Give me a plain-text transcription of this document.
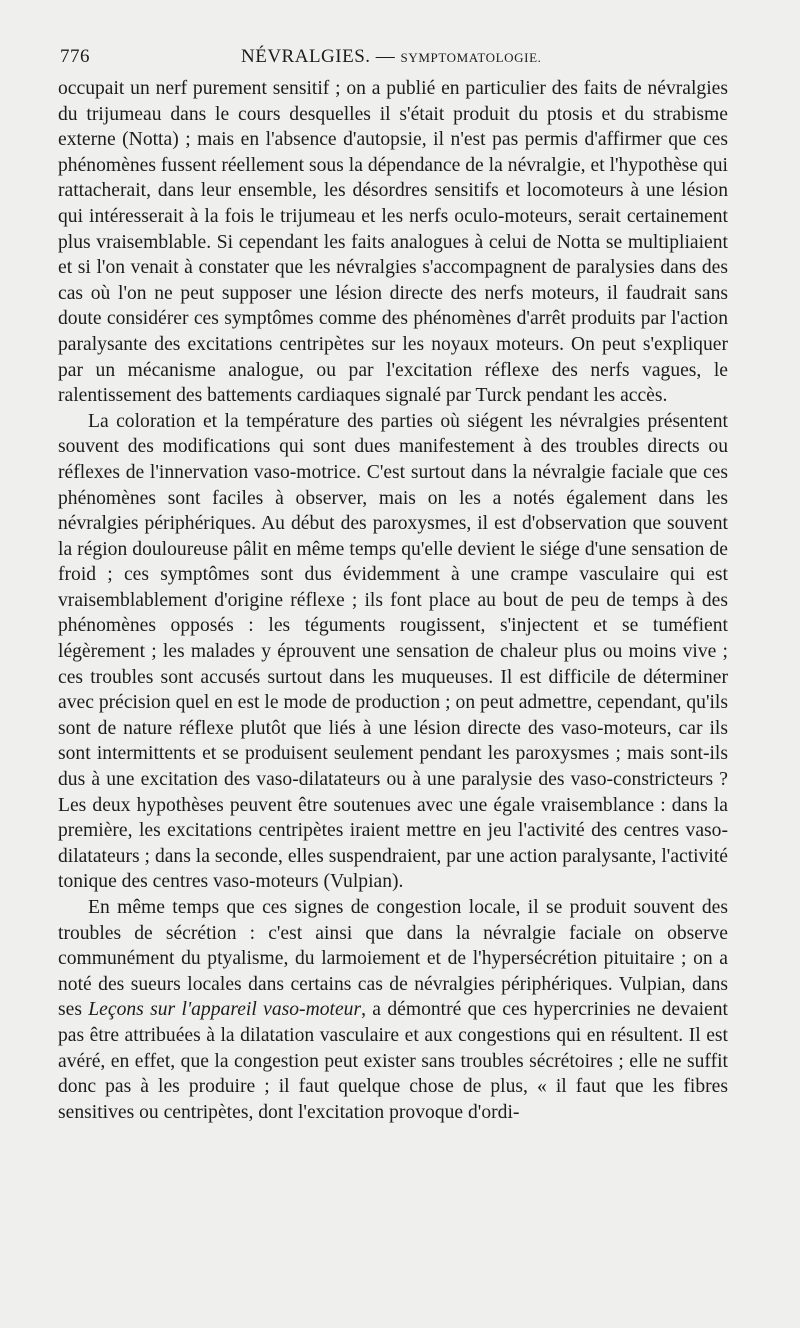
776	NÉVRALGIES. — SYMPTOMATOLOGIE.

occupait un nerf purement sensitif ; on a publié en particulier des faits de névralgies du trijumeau dans le cours desquelles il s'était produit du ptosis et du strabisme externe (Notta) ; mais en l'absence d'autopsie, il n'est pas permis d'affirmer que ces phénomènes fussent réellement sous la dépendance de la névralgie, et l'hypothèse qui rattacherait, dans leur ensemble, les désordres sensitifs et locomoteurs à une lésion qui intéresserait à la fois le trijumeau et les nerfs oculo-moteurs, serait certainement plus vraisemblable. Si cependant les faits analogues à celui de Notta se multipliaient et si l'on venait à constater que les névralgies s'accompagnent de paralysies dans des cas où l'on ne peut supposer une lésion directe des nerfs moteurs, il faudrait sans doute considérer ces symptômes comme des phénomènes d'arrêt produits par l'action paralysante des excitations centripètes sur les noyaux moteurs. On peut s'expliquer par un mécanisme analogue, ou par l'excitation réflexe des nerfs vagues, le ralentissement des battements cardiaques signalé par Turck pendant les accès.

La coloration et la température des parties où siégent les névralgies présentent souvent des modifications qui sont dues manifestement à des troubles directs ou réflexes de l'innervation vaso-motrice. C'est surtout dans la névralgie faciale que ces phénomènes sont faciles à observer, mais on les a notés également dans les névralgies périphériques. Au début des paroxysmes, il est d'observation que souvent la région douloureuse pâlit en même temps qu'elle devient le siége d'une sensation de froid ; ces symptômes sont dus évidemment à une crampe vasculaire qui est vraisemblablement d'origine réflexe ; ils font place au bout de peu de temps à des phénomènes opposés : les téguments rougissent, s'injectent et se tuméfient légèrement ; les malades y éprouvent une sensation de chaleur plus ou moins vive ; ces troubles sont accusés surtout dans les muqueuses. Il est difficile de déterminer avec précision quel en est le mode de production ; on peut admettre, cependant, qu'ils sont de nature réflexe plutôt que liés à une lésion directe des vaso-moteurs, car ils sont intermittents et se produisent seulement pendant les paroxysmes ; mais sont-ils dus à une excitation des vaso-dilatateurs ou à une paralysie des vaso-constricteurs ? Les deux hypothèses peuvent être soutenues avec une égale vraisemblance : dans la première, les excitations centripètes iraient mettre en jeu l'activité des centres vaso-dilatateurs ; dans la seconde, elles suspendraient, par une action paralysante, l'activité tonique des centres vaso-moteurs (Vulpian).

En même temps que ces signes de congestion locale, il se produit souvent des troubles de sécrétion : c'est ainsi que dans la névralgie faciale on observe communément du ptyalisme, du larmoiement et de l'hypersécrétion pituitaire ; on a noté des sueurs locales dans certains cas de névralgies périphériques. Vulpian, dans ses Leçons sur l'appareil vaso-moteur, a démontré que ces hypercrinies ne devaient pas être attribuées à la dilatation vasculaire et aux congestions qui en résultent. Il est avéré, en effet, que la congestion peut exister sans troubles sécrétoires ; elle ne suffit donc pas à les produire ; il faut quelque chose de plus, « il faut que les fibres sensitives ou centripètes, dont l'excitation provoque d'ordi-
